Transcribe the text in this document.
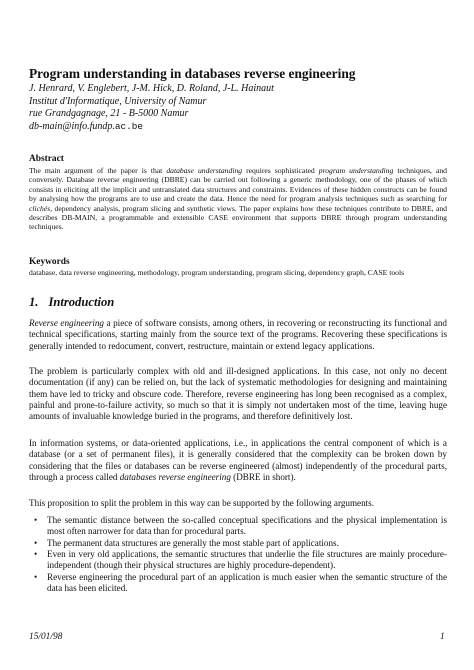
Program understanding in databases reverse engineering
J. Henrard, V. Englebert, J-M. Hick, D. Roland, J-L. Hainaut
Institut d'Informatique, University of Namur
rue Grandgagnage, 21 - B-5000 Namur
db-main@info.fundp.ac.be
Abstract
The main argument of the paper is that database understanding requires sophisticated program understanding techniques, and conversely. Database reverse engineering (DBRE) can be carried out following a generic methodology, one of the phases of which consists in eliciting all the implicit and untranslated data structures and constraints. Evidences of these hidden constructs can be found by analysing how the programs are to use and create the data. Hence the need for program analysis techniques such as searching for clichés, dependency analysis, program slicing and synthetic views. The paper explains how these techniques contribute to DBRE, and describes DB-MAIN, a programmable and extensible CASE environment that supports DBRE through program understanding techniques.
Keywords
database, data reverse engineering, methodology, program understanding, program slicing, dependency graph, CASE tools
1. Introduction
Reverse engineering a piece of software consists, among others, in recovering or reconstructing its functional and technical specifications, starting mainly from the source text of the programs. Recovering these specifications is generally intended to redocument, convert, restructure, maintain or extend legacy applications.
The problem is particularly complex with old and ill-designed applications. In this case, not only no decent documentation (if any) can be relied on, but the lack of systematic methodologies for designing and maintaining them have led to tricky and obscure code. Therefore, reverse engineering has long been recognised as a complex, painful and prone-to-failure activity, so much so that it is simply not undertaken most of the time, leaving huge amounts of invaluable knowledge buried in the programs, and therefore definitively lost.
In information systems, or data-oriented applications, i.e., in applications the central component of which is a database (or a set of permanent files), it is generally considered that the complexity can be broken down by considering that the files or databases can be reverse engineered (almost) independently of the procedural parts, through a process called databases reverse engineering (DBRE in short).
This proposition to split the problem in this way can be supported by the following arguments.
• The semantic distance between the so-called conceptual specifications and the physical implementation is most often narrower for data than for procedural parts.
• The permanent data structures are generally the most stable part of applications.
• Even in very old applications, the semantic structures that underlie the file structures are mainly procedure-independent (though their physical structures are highly procedure-dependent).
• Reverse engineering the procedural part of an application is much easier when the semantic structure of the data has been elicited.
15/01/98	1
